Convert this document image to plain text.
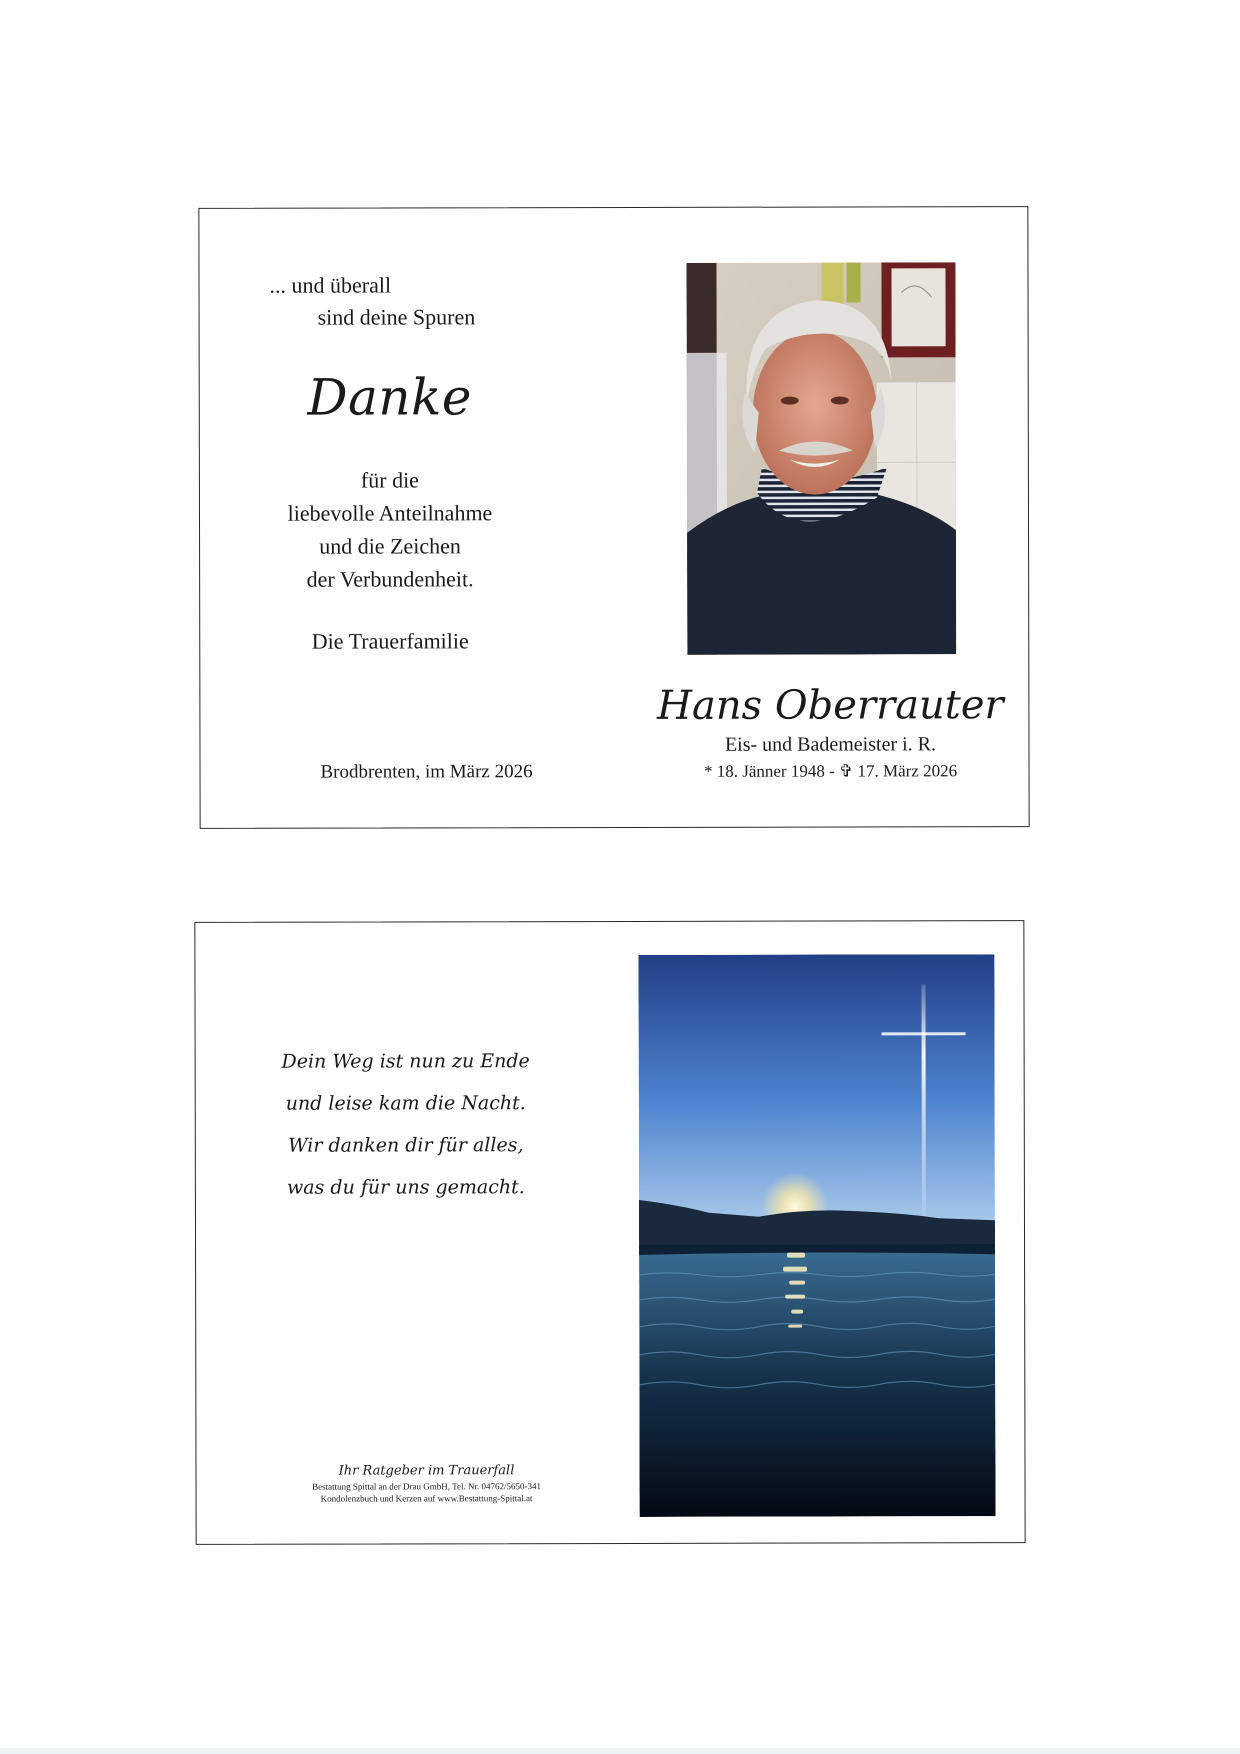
... und überall
sind deine Spuren
Danke
für die
liebevolle Anteilnahme
und die Zeichen
der Verbundenheit.
Die Trauerfamilie
Brodbrenten, im März 2026
Hans Oberrauter
Eis- und Bademeister i. R.
* 18. Jänner 1948 - ✞ 17. März 2026
Dein Weg ist nun zu Ende
und leise kam die Nacht.
Wir danken dir für alles,
was du für uns gemacht.
Ihr Ratgeber im Trauerfall
Bestattung Spittal an der Drau GmbH, Tel. Nr. 04762/5650-341
Kondolenzbuch und Kerzen auf www.Bestattung-Spittal.at
